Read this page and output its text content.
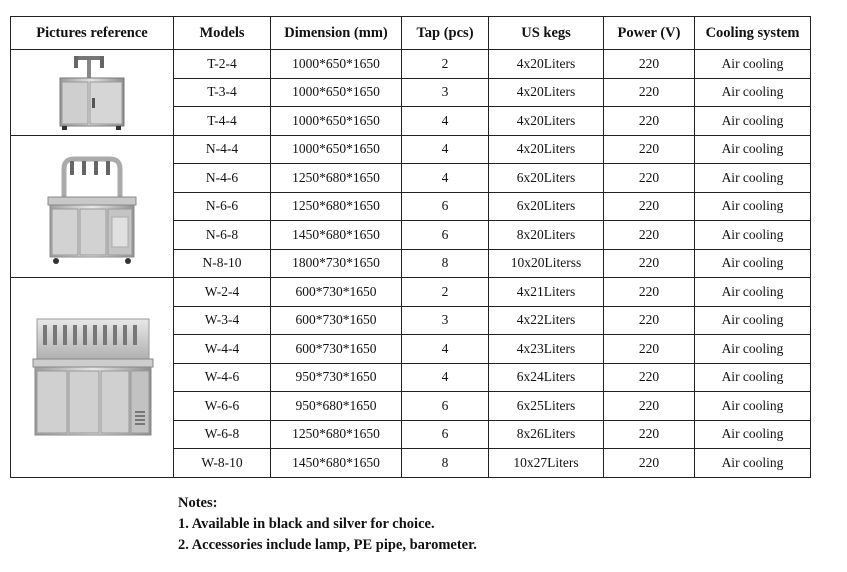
Pictures reference	Models	Dimension (mm)	Tap (pcs)	US kegs	Power (V)	Cooling system

	T-2-4	1000*650*1650	2	4x20Liters	220	Air cooling
	T-3-4	1000*650*1650	3	4x20Liters	220	Air cooling
	T-4-4	1000*650*1650	4	4x20Liters	220	Air cooling

	N-4-4	1000*650*1650	4	4x20Liters	220	Air cooling
	N-4-6	1250*680*1650	4	6x20Liters	220	Air cooling
	N-6-6	1250*680*1650	6	6x20Liters	220	Air cooling
	N-6-8	1450*680*1650	6	8x20Liters	220	Air cooling
	N-8-10	1800*730*1650	8	10x20Literss	220	Air cooling

	W-2-4	600*730*1650	2	4x21Liters	220	Air cooling
	W-3-4	600*730*1650	3	4x22Liters	220	Air cooling
	W-4-4	600*730*1650	4	4x23Liters	220	Air cooling
	W-4-6	950*730*1650	4	6x24Liters	220	Air cooling
	W-6-6	950*680*1650	6	6x25Liters	220	Air cooling
	W-6-8	1250*680*1650	6	8x26Liters	220	Air cooling
	W-8-10	1450*680*1650	8	10x27Liters	220	Air cooling
Notes:
1. Available in black and silver for choice.
2. Accessories include lamp, PE pipe, barometer.
